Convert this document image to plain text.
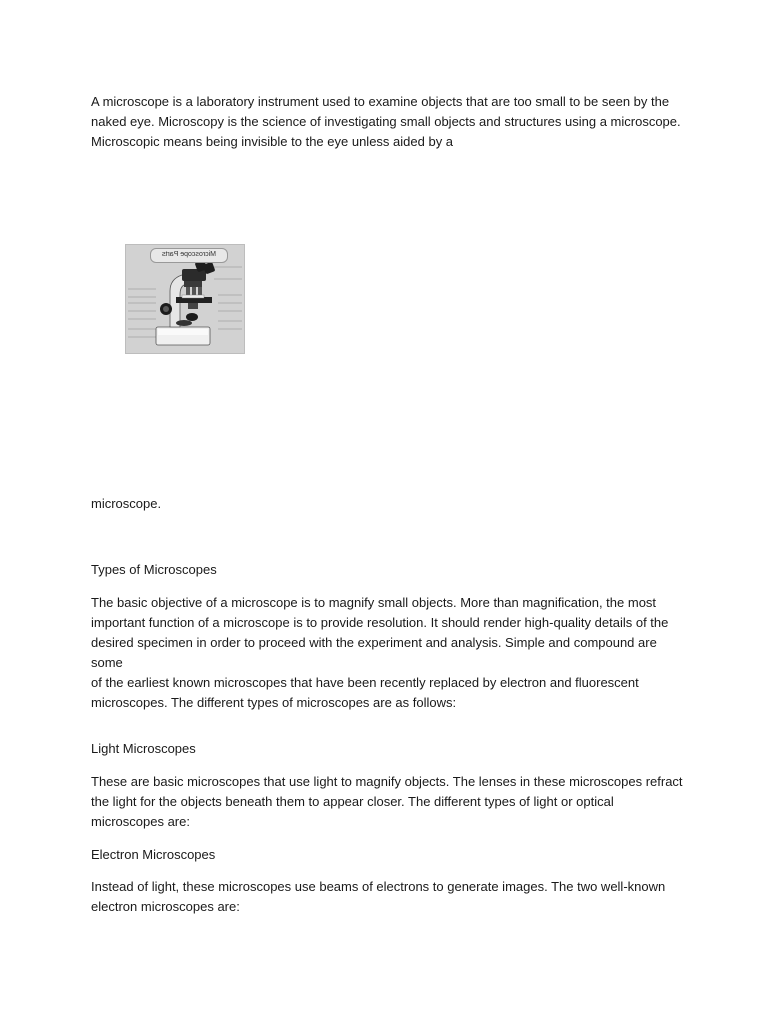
A microscope is a laboratory instrument used to examine objects that are too small to be seen by the
naked eye. Microscopy is the science of investigating small objects and structures using a microscope.
Microscopic means being invisible to the eye unless aided by a

Microscope Parts

microscope.

Types of Microscopes

The basic objective of a microscope is to magnify small objects. More than magnification, the most
important function of a microscope is to provide resolution. It should render high-quality details of the
desired specimen in order to proceed with the experiment and analysis. Simple and compound are some
of the earliest known microscopes that have been recently replaced by electron and fluorescent
microscopes. The different types of microscopes are as follows:

Light Microscopes

These are basic microscopes that use light to magnify objects. The lenses in these microscopes refract
the light for the objects beneath them to appear closer. The different types of light or optical
microscopes are:

Electron Microscopes

Instead of light, these microscopes use beams of electrons to generate images. The two well-known
electron microscopes are:
